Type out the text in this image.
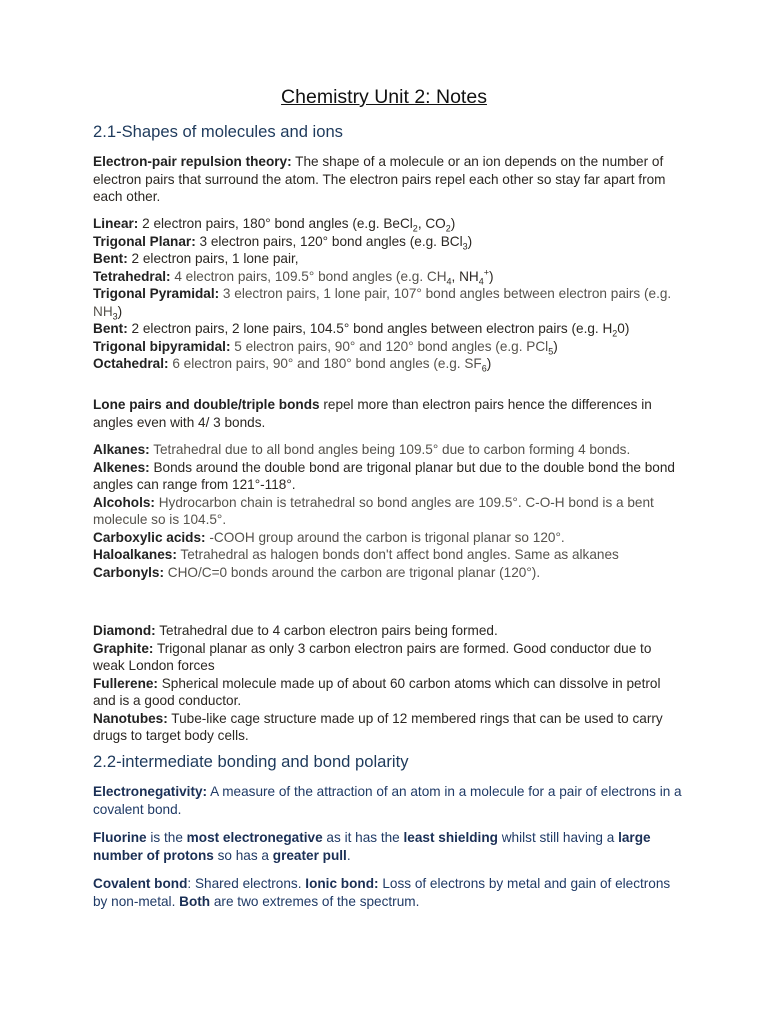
Chemistry Unit 2: Notes
2.1-Shapes of molecules and ions

Electron-pair repulsion theory: The shape of a molecule or an ion depends on the number of electron pairs that surround the atom. The electron pairs repel each other so stay far apart from each other.

Linear: 2 electron pairs, 180° bond angles (e.g. BeCl$_2$, $CO_2$)

Trigonal Planar: 3 electron pairs, 120° bond angles (e.g. BCl$_3$)

Bent: 2 electron pairs, 1 lone pair,

Tetrahedral: 4 electron pairs, 109.5° bond angles (e.g. $CH_4$, $NH_4^+$)

Trigonal Pyramidal: 3 electron pairs, 1 lone pair, 107° bond angles between electron pairs (e.g. $NH_3$)

Bent: 2 electron pairs, 2 lone pairs, 104.5° bond angles between electron pairs (e.g. $H_20$)

Trigonal bipyramidal: 5 electron pairs, 90° and 120° bond angles (e.g. PCl$_5$)

Octahedral: 6 electron pairs, 90° and 180° bond angles (e.g. $SF_6$)

Lone pairs and double/triple bonds repel more than electron pairs hence the differences in angles even with 4/ 3 bonds.

Alkanes: Tetrahedral due to all bond angles being 109.5° due to carbon forming 4 bonds.

Alkenes: Bonds around the double bond are trigonal planar but due to the double bond the bond angles can range from 121°-118°.

Alcohols: Hydrocarbon chain is tetrahedral so bond angles are 109.5°. C-O-H bond is a bent molecule so is 104.5°.

Carboxylic acids: -COOH group around the carbon is trigonal planar so 120°.

Haloalkanes: Tetrahedral as halogen bonds don't affect bond angles. Same as alkanes

Carbonyls: CHO/C=0 bonds around the carbon are trigonal planar (120°).

Diamond: Tetrahedral due to 4 carbon electron pairs being formed.

Graphite: Trigonal planar as only 3 carbon electron pairs are formed. Good conductor due to weak London forces

Fullerene: Spherical molecule made up of about 60 carbon atoms which can dissolve in petrol and is a good conductor.

Nanotubes: Tube-like cage structure made up of 12 membered rings that can be used to carry drugs to target body cells.

2.2-intermediate bonding and bond polarity

Electronegativity: A measure of the attraction of an atom in a molecule for a pair of electrons in a covalent bond.

Fluorine is the most electronegative as it has the least shielding whilst still having a large number of protons so has a greater pull.

Covalent bond: Shared electrons. Ionic bond: Loss of electrons by metal and gain of electrons by non-metal. Both are two extremes of the spectrum.
